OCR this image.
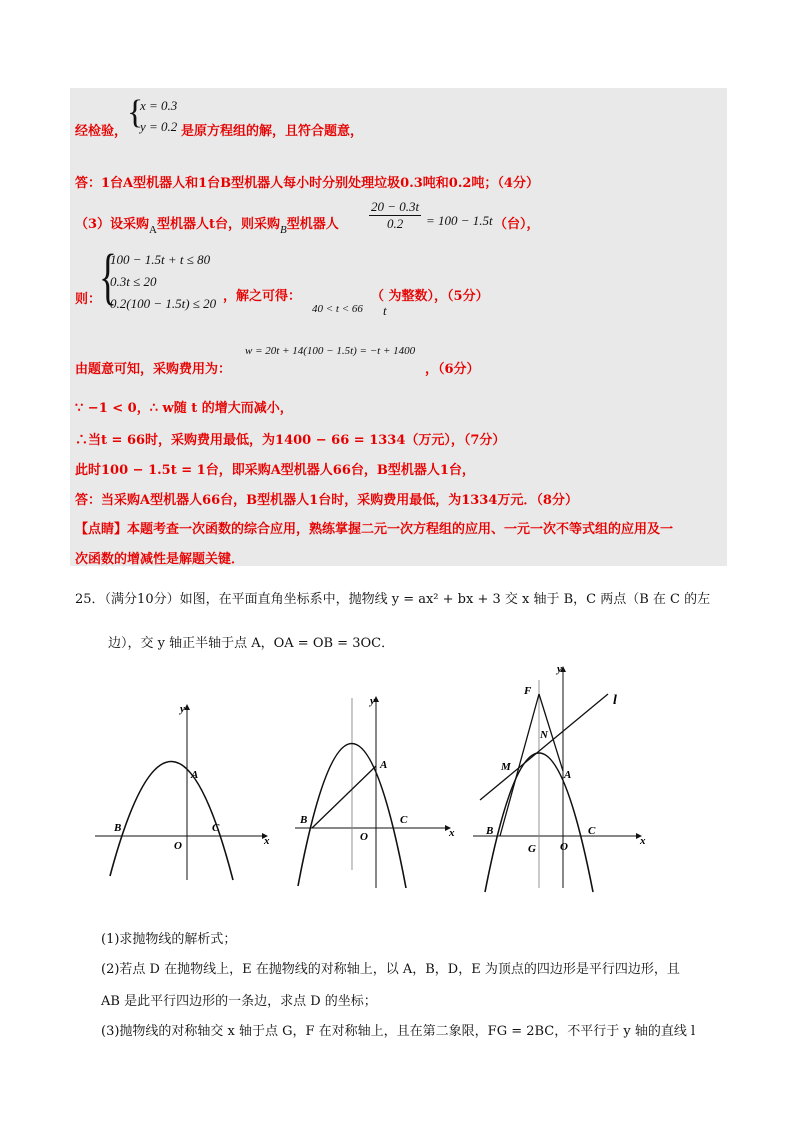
{
x = 0.3
经检验， y = 0.2 是原方程组的解，且符合题意，
答：1台A型机器人和1台B型机器人每小时分别处理垃圾0.3吨和0.2吨；（4分）
（3）设采购$_A$型机器人t台，则采购$_B$型机器人 $\frac{20 - 0.3t}{0.2} = 100 - 1.5t$ （台），
{
100 − 1.5t + t ≤ 80
0.3t ≤ 20
0.2(100 − 1.5t) ≤ 20
则：	，解之可得：	（ 为整数），（5分）
40 < t < 66 t
w = 20t + 14(100 − 1.5t) = −t + 1400
由题意可知，采购费用为：	，（6分）
∵ −1 < 0，∴ w随 t 的增大而减小，
∴当t = 66时，采购费用最低，为1400 − 66 = 1334（万元），（7分）
此时100 − 1.5t = 1台，即采购A型机器人66台，B型机器人1台，
答：当采购A型机器人66台，B型机器人1台时，采购费用最低，为1334万元．（8分）
【点睛】本题考查一次函数的综合应用，熟练掌握二元一次方程组的应用、一元一次不等式组的应用及一
次函数的增减性是解题关键．
25．（满分10分）如图，在平面直角坐标系中，抛物线 y = ax² + bx + 3 交 x 轴于 B，C 两点（B 在 C 的左
边），交 y 轴正半轴于点 A，OA = OB = 3OC．
x
y
O
A
B	C	x
y
O
A
B	C
x
y
O
A
B	C
F
M
N
G
l
(1)求抛物线的解析式；
(2)若点 D 在抛物线上，E 在抛物线的对称轴上，以 A，B，D，E 为顶点的四边形是平行四边形，且
AB 是此平行四边形的一条边，求点 D 的坐标；
(3)抛物线的对称轴交 x 轴于点 G，F 在对称轴上，且在第二象限，FG = 2BC，不平行于 y 轴的直线 l
